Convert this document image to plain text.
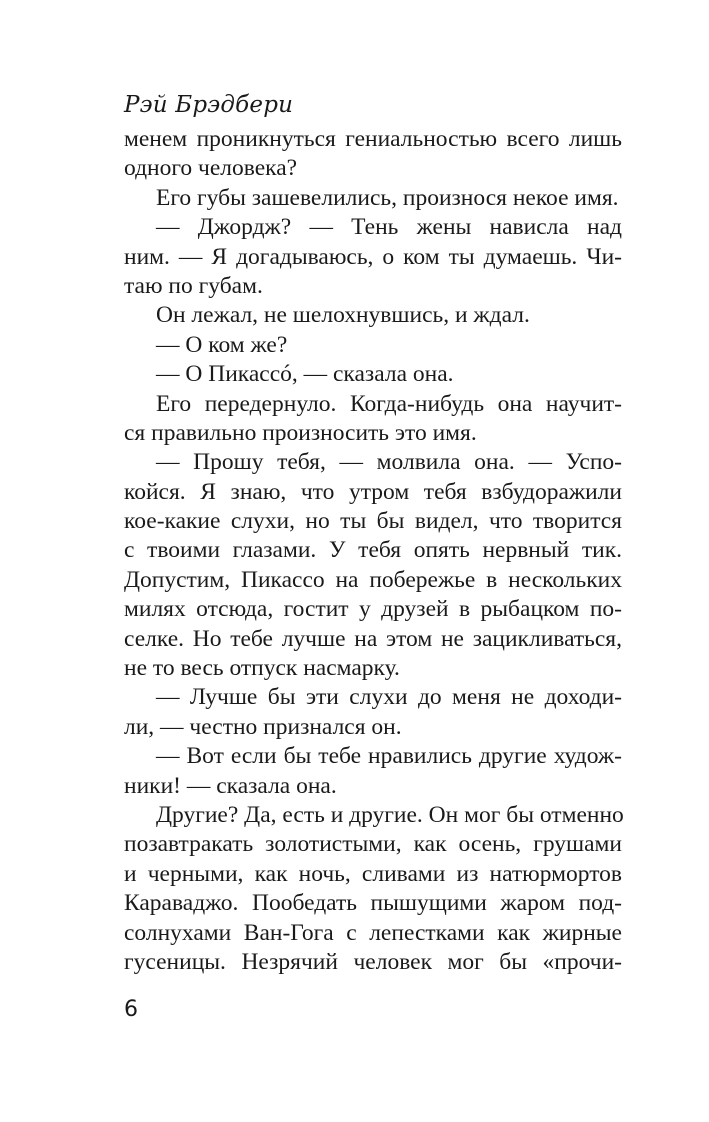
Рэй Брэдбери
менем проникнуться гениальностью всего лишь
одного человека?
Его губы зашевелились, произнося некое имя.
— Джордж? — Тень жены нависла над
ним. — Я догадываюсь, о ком ты думаешь. Чи-
таю по губам.
Он лежал, не шелохнувшись, и ждал.
— О ком же?
— О Пикассó, — сказала она.
Его передернуло. Когда-нибудь она научит-
ся правильно произносить это имя.
— Прошу тебя, — молвила она. — Успо-
койся. Я знаю, что утром тебя взбудоражили
кое-какие слухи, но ты бы видел, что творится
с твоими глазами. У тебя опять нервный тик.
Допустим, Пикассо на побережье в нескольких
милях отсюда, гостит у друзей в рыбацком по-
селке. Но тебе лучше на этом не зацикливаться,
не то весь отпуск насмарку.
— Лучше бы эти слухи до меня не доходи-
ли, — честно признался он.
— Вот если бы тебе нравились другие худож-
ники! — сказала она.
Другие? Да, есть и другие. Он мог бы отменно
позавтракать золотистыми, как осень, грушами
и черными, как ночь, сливами из натюрмортов
Караваджо. Пообедать пышущими жаром под-
солнухами Ван-Гога с лепестками как жирные
гусеницы. Незрячий человек мог бы «прочи-
6
